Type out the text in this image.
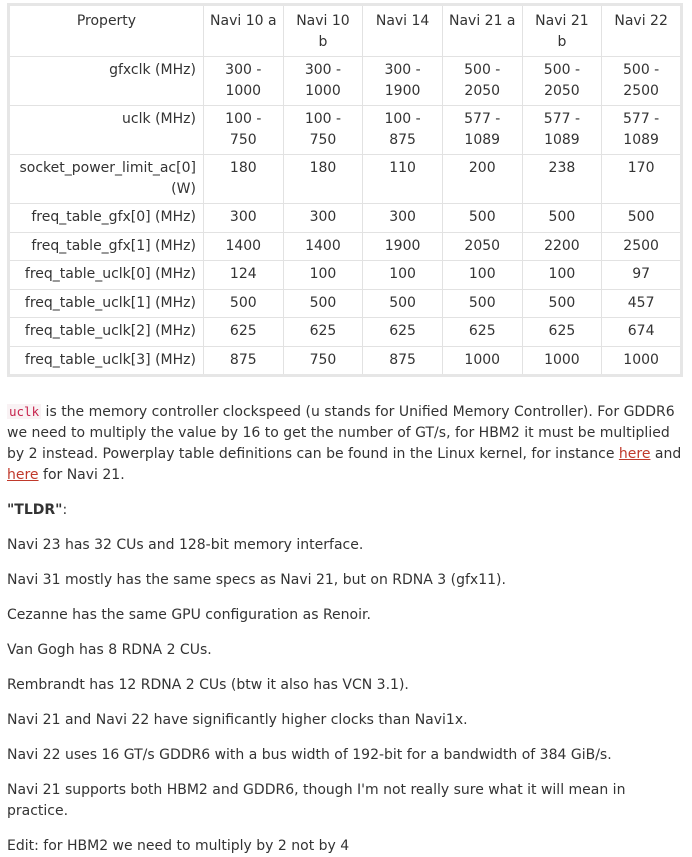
Property	Navi 10 a	Navi 10 b	Navi 14	Navi 21 a	Navi 21 b	Navi 22
gfxclk (MHz)	300 - 1000	300 - 1000	300 - 1900	500 - 2050	500 - 2050	500 - 2500
uclk (MHz)	100 - 750	100 - 750	100 - 875	577 - 1089	577 - 1089	577 - 1089
socket_power_limit_ac[0] (W)	180	180	110	200	238	170
freq_table_gfx[0] (MHz)	300	300	300	500	500	500
freq_table_gfx[1] (MHz)	1400	1400	1900	2050	2200	2500
freq_table_uclk[0] (MHz)	124	100	100	100	100	97
freq_table_uclk[1] (MHz)	500	500	500	500	500	457
freq_table_uclk[2] (MHz)	625	625	625	625	625	674
freq_table_uclk[3] (MHz)	875	750	875	1000	1000	1000

uclk is the memory controller clockspeed (u stands for Unified Memory Controller). For GDDR6 we need to multiply the value by 16 to get the number of GT/s, for HBM2 it must be multiplied by 2 instead. Powerplay table definitions can be found in the Linux kernel, for instance here and here for Navi 21.

"TLDR":

Navi 23 has 32 CUs and 128-bit memory interface.

Navi 31 mostly has the same specs as Navi 21, but on RDNA 3 (gfx11).

Cezanne has the same GPU configuration as Renoir.

Van Gogh has 8 RDNA 2 CUs.

Rembrandt has 12 RDNA 2 CUs (btw it also has VCN 3.1).

Navi 21 and Navi 22 have significantly higher clocks than Navi1x.

Navi 22 uses 16 GT/s GDDR6 with a bus width of 192-bit for a bandwidth of 384 GiB/s.

Navi 21 supports both HBM2 and GDDR6, though I'm not really sure what it will mean in practice.

Edit: for HBM2 we need to multiply by 2 not by 4
